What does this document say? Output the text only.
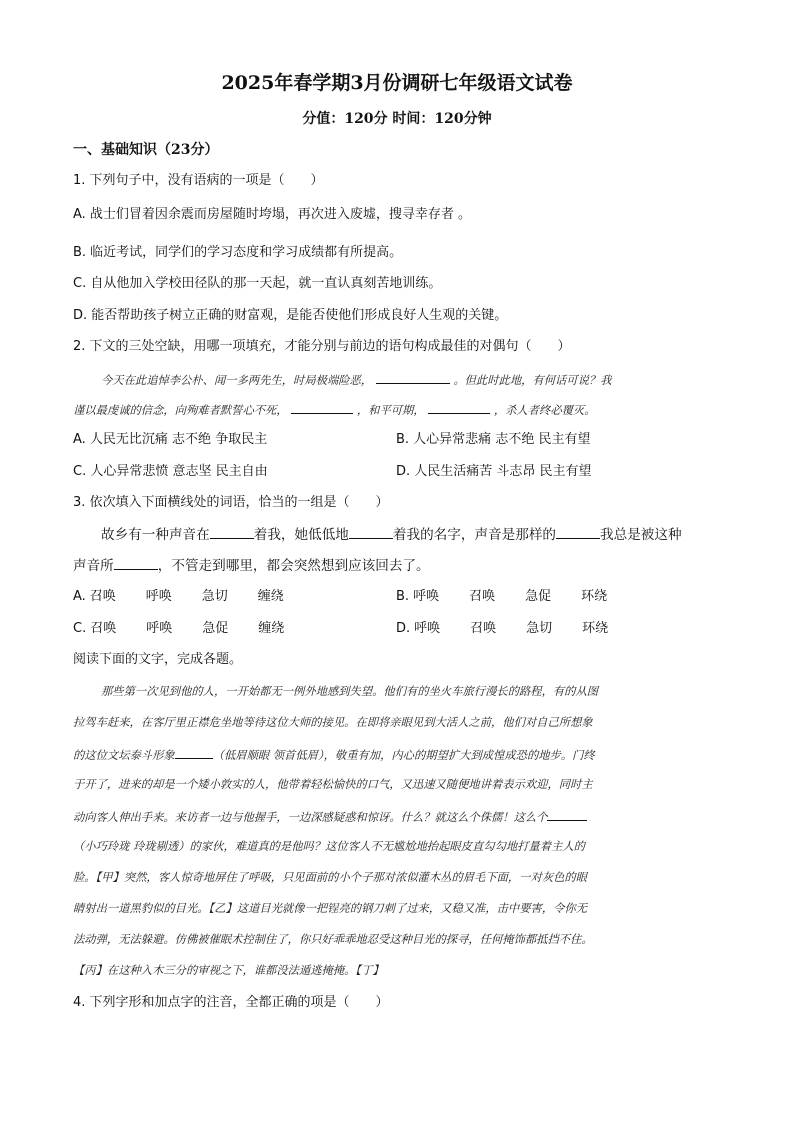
2025年春学期3月份调研七年级语文试卷
分值：120分 时间：120分钟
一、基础知识（23分）
1. 下列句子中，没有语病的一项是（　　）
A. 战士们冒着因余震而房屋随时垮塌，再次进入废墟，搜寻幸存者 。
B. 临近考试，同学们的学习态度和学习成绩都有所提高。
C. 自从他加入学校田径队的那一天起，就一直认真刻苦地训练。
D. 能否帮助孩子树立正确的财富观，是能否使他们形成良好人生观的关键。
2. 下文的三处空缺，用哪一项填充，才能分别与前边的语句构成最佳的对偶句（　　）
今天在此追悼李公朴、闻一多两先生，时局极端险恶，	。但此时此地，有何话可说？我
谨以最虔诚的信念，向殉难者默誓心不死，	，和平可期，	，杀人者终必覆灭。
A. 人民无比沉痛 志不绝 争取民主	B. 人心异常悲痛 志不绝 民主有望
C. 人心异常悲愤 意志坚 民主自由	D. 人民生活痛苦 斗志昂 民主有望
3. 依次填入下面横线处的词语，恰当的一组是（　　）
故乡有一种声音在	着我，她低低地	着我的名字，声音是那样的	我总是被这种
声音所	，不管走到哪里，都会突然想到应该回去了。
A. 召唤 呼唤 急切 缠绕	B. 呼唤 召唤 急促 环绕
C. 召唤 呼唤 急促 缠绕	D. 呼唤 召唤 急切 环绕
阅读下面的文字，完成各题。
那些第一次见到他的人，一开始都无一例外地感到失望。他们有的坐火车旅行漫长的路程，有的从图
拉驾车赶来，在客厅里正襟危坐地等待这位大师的接见。在即将亲眼见到大活人之前，他们对自己所想象
的这位文坛泰斗形象	（低眉顺眼 领首低眉），敬重有加，内心的期望扩大到成惶成恐的地步。门终
于开了，进来的却是一个矮小敦实的人，他带着轻松愉快的口气，又迅速又随便地讲着表示欢迎，同时主
动向客人伸出手来。来访者一边与他握手，一边深感疑惑和惊讶。什么？就这么个侏儒！这么个
（小巧玲珑 玲珑剔透）的家伙，难道真的是他吗？这位客人不无尴尬地抬起眼皮直勾勾地打量着主人的
脸。【甲】突然，客人惊奇地屏住了呼吸，只见面前的小个子那对浓似灌木丛的眉毛下面，一对灰色的眼
睛射出一道黑豹似的目光。【乙】这道目光就像一把锃亮的钢刀刺了过来，又稳又准，击中要害，令你无
法动弹，无法躲避。仿佛被催眠术控制住了，你只好乖乖地忍受这种目光的探寻，任何掩饰都抵挡不住。
【丙】在这种入木三分的审视之下，谁都没法遁逃掩掩。【丁】
4. 下列字形和加点字的注音，全都正确的项是（　　）
